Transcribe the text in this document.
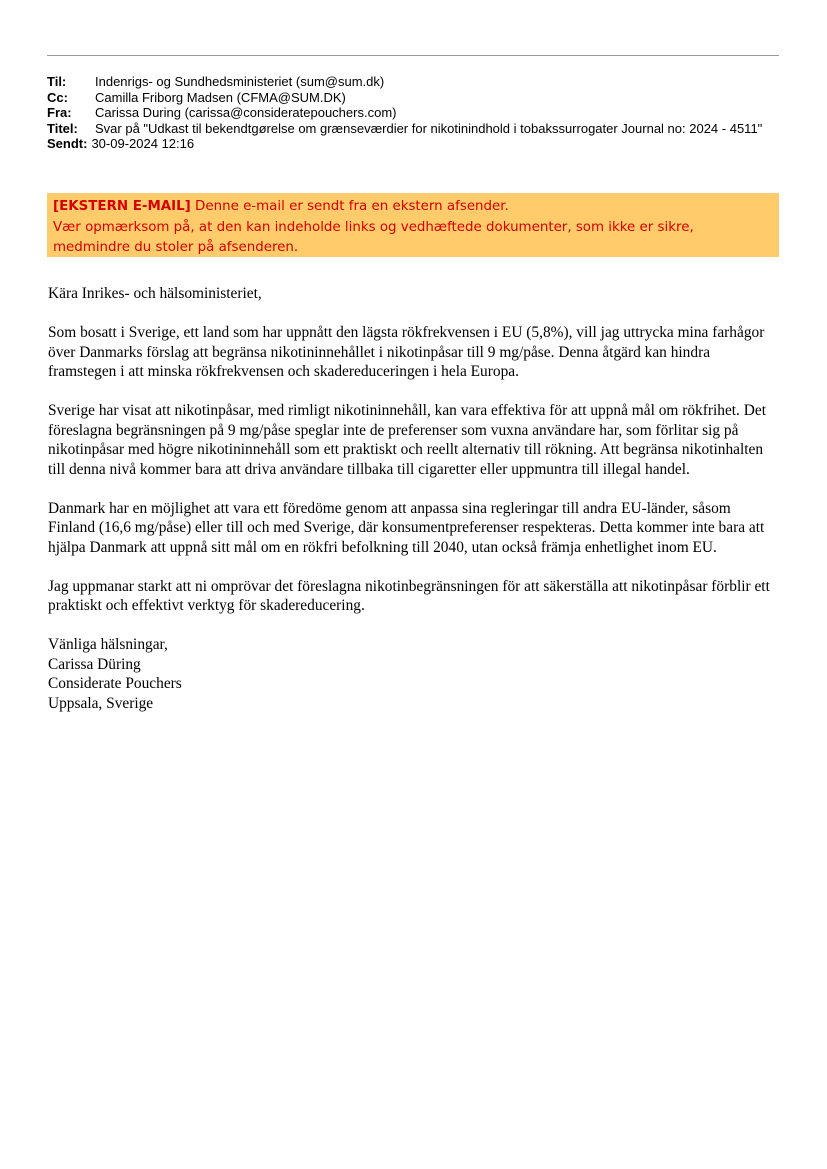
Til:	Indenrigs- og Sundhedsministeriet (sum@sum.dk)
Cc:	Camilla Friborg Madsen (CFMA@SUM.DK)
Fra:	Carissa During (carissa@consideratepouchers.com)
Titel:	Svar på "Udkast til bekendtgørelse om grænseværdier for nikotinindhold i tobakssurrogater Journal no: 2024 - 4511"
Sendt: 30-09-2024 12:16
[EKSTERN E-MAIL] Denne e-mail er sendt fra en ekstern afsender.
Vær opmærksom på, at den kan indeholde links og vedhæftede dokumenter, som ikke er sikre, medmindre du stoler på afsenderen.

Kära Inrikes- och hälsoministeriet,

Som bosatt i Sverige, ett land som har uppnått den lägsta rökfrekvensen i EU (5,8%), vill jag uttrycka mina farhågor över Danmarks förslag att begränsa nikotininnehållet i nikotinpåsar till 9 mg/påse. Denna åtgärd kan hindra framstegen i att minska rökfrekvensen och skadereduceringen i hela Europa.

Sverige har visat att nikotinpåsar, med rimligt nikotininnehåll, kan vara effektiva för att uppnå mål om rökfrihet. Det föreslagna begränsningen på 9 mg/påse speglar inte de preferenser som vuxna användare har, som förlitar sig på nikotinpåsar med högre nikotininnehåll som ett praktiskt och reellt alternativ till rökning. Att begränsa nikotinhalten till denna nivå kommer bara att driva användare tillbaka till cigaretter eller uppmuntra till illegal handel.

Danmark har en möjlighet att vara ett föredöme genom att anpassa sina regleringar till andra EU-länder, såsom Finland (16,6 mg/påse) eller till och med Sverige, där konsumentpreferenser respekteras. Detta kommer inte bara att hjälpa Danmark att uppnå sitt mål om en rökfri befolkning till 2040, utan också främja enhetlighet inom EU.

Jag uppmanar starkt att ni omprövar det föreslagna nikotinbegränsningen för att säkerställa att nikotinpåsar förblir ett praktiskt och effektivt verktyg för skadereducering.

Vänliga hälsningar,
Carissa Düring
Considerate Pouchers
Uppsala, Sverige
